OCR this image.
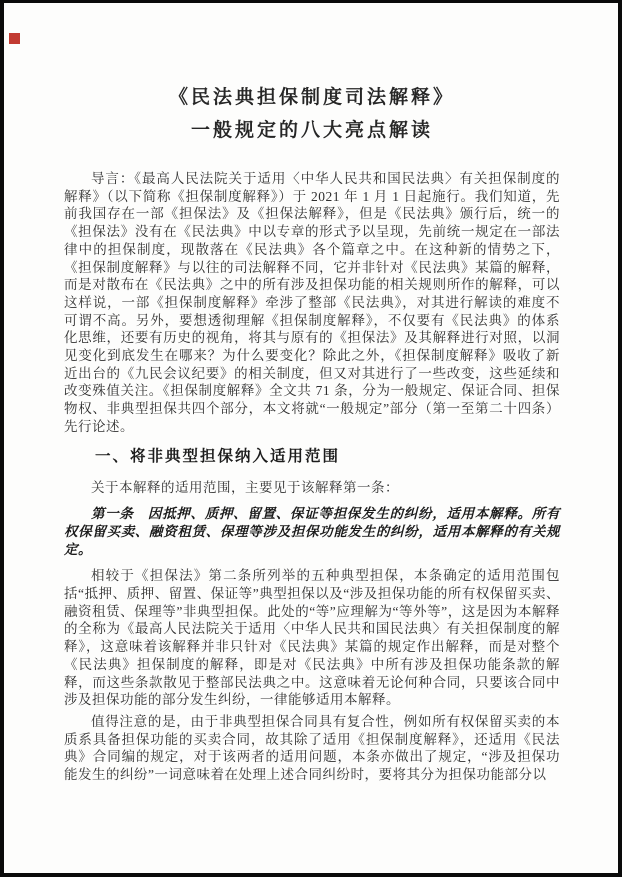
《民法典担保制度司法解释》
一般规定的八大亮点解读

导言：《最高人民法院关于适用〈中华人民共和国民法典〉有关担保制度的解释》（以下简称《担保制度解释》）于 2021 年 1 月 1 日起施行。我们知道，先前我国存在一部《担保法》及《担保法解释》，但是《民法典》颁行后，统一的《担保法》没有在《民法典》中以专章的形式予以呈现，先前统一规定在一部法律中的担保制度，现散落在《民法典》各个篇章之中。在这种新的情势之下，《担保制度解释》与以往的司法解释不同，它并非针对《民法典》某篇的解释，而是对散布在《民法典》之中的所有涉及担保功能的相关规则所作的解释，可以这样说，一部《担保制度解释》牵涉了整部《民法典》，对其进行解读的难度不可谓不高。另外，要想透彻理解《担保制度解释》，不仅要有《民法典》的体系化思维，还要有历史的视角，将其与原有的《担保法》及其解释进行对照，以洞见变化到底发生在哪来？为什么要变化？除此之外，《担保制度解释》吸收了新近出台的《九民会议纪要》的相关制度，但又对其进行了一些改变，这些延续和改变殊值关注。《担保制度解释》全文共 71 条，分为一般规定、保证合同、担保物权、非典型担保共四个部分，本文将就“一般规定”部分（第一至第二十四条）先行论述。

一、将非典型担保纳入适用范围

关于本解释的适用范围，主要见于该解释第一条：

第一条　因抵押、质押、留置、保证等担保发生的纠纷，适用本解释。所有权保留买卖、融资租赁、保理等涉及担保功能发生的纠纷，适用本解释的有关规定。

相较于《担保法》第二条所列举的五种典型担保，本条确定的适用范围包括“抵押、质押、留置、保证等”典型担保以及“涉及担保功能的所有权保留买卖、融资租赁、保理等”非典型担保。此处的“等”应理解为“等外等”，这是因为本解释的全称为《最高人民法院关于适用〈中华人民共和国民法典〉有关担保制度的解释》，这意味着该解释并非只针对《民法典》某篇的规定作出解释，而是对整个《民法典》担保制度的解释，即是对《民法典》中所有涉及担保功能条款的解释，而这些条款散见于整部民法典之中。这意味着无论何种合同，只要该合同中涉及担保功能的部分发生纠纷，一律能够适用本解释。

值得注意的是，由于非典型担保合同具有复合性，例如所有权保留买卖的本质系具备担保功能的买卖合同，故其除了适用《担保制度解释》，还适用《民法典》合同编的规定，对于该两者的适用问题，本条亦做出了规定，“涉及担保功能发生的纠纷”一词意味着在处理上述合同纠纷时，要将其分为担保功能部分以
